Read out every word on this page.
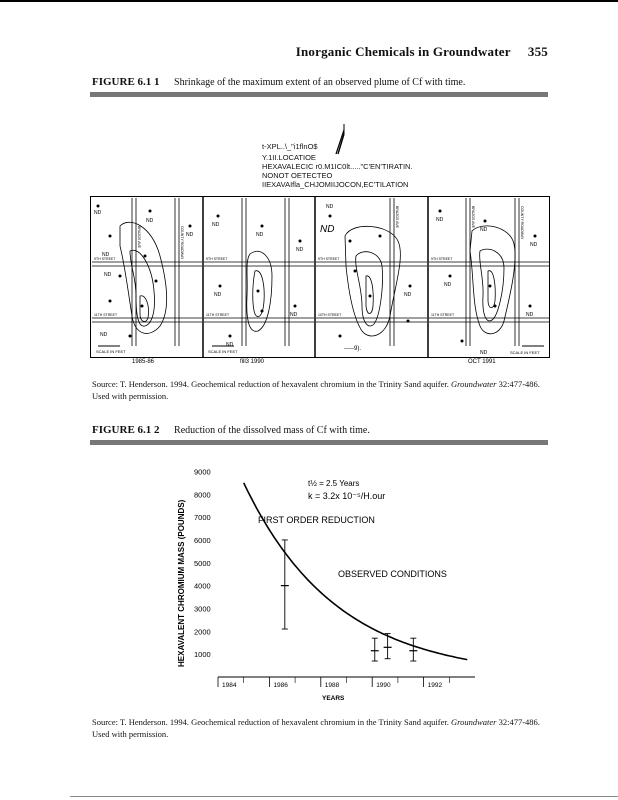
Inorganic Chemicals in Groundwater 355
FIGURE 6.1 1 Shrinkage of the maximum extent of an observed plume of Cf with time.
t-XPL..\_"i1flnO$
Y.1II.LOCATIOE
HEXAVALECIC r0.M1IC0lt....."C'EN'TIRATIN.
NONOT OETECTEO
IIEXAVAIfla_CHJOMIIJOCON,EC'TILATION
ND
ND
ND
ND
ND
ND
9TH STREET
11TH STREET
BRAZOS AVE	COUNTY ROADWAY
SCALE IN FEET
1985-86
ND
ND
ND
ND
ND
ND
9TH STREET
11TH STREET
SCALE IN FEET
fill3 1990
ND
ND
ND
9TH STREET
10TH STREET
BRAZOS AVE
-----9).
ND
ND
ND
ND
ND
ND
9TH STREET
11TH STREET
BRAZOS AVE	COUNTY ROADWAY
SCALE IN FEET
OCT 1991
Source: T. Henderson. 1994. Geochemical reduction of hexavalent chromium in the Trinity Sand aquifer. Groundwater 32:477-486. Used with permission.
FIGURE 6.1 2 Reduction of the dissolved mass of Cf with time.
1000
2000
3000
4000
5000
6000
7000
8000
9000
1984	1986	1988	1990	1992
HEXAVALENT CHROMIUM MASS (POUNDS)
YEARS
t½ = 2.5 Years
k = 3.2x 10⁻⁵/H.our
FIRST ORDER REDUCTION
OBSERVED CONDITIONS
Source: T. Henderson. 1994. Geochemical reduction of hexavalent chromium in the Trinity Sand aquifer. Groundwater 32:477-486. Used with permission.
